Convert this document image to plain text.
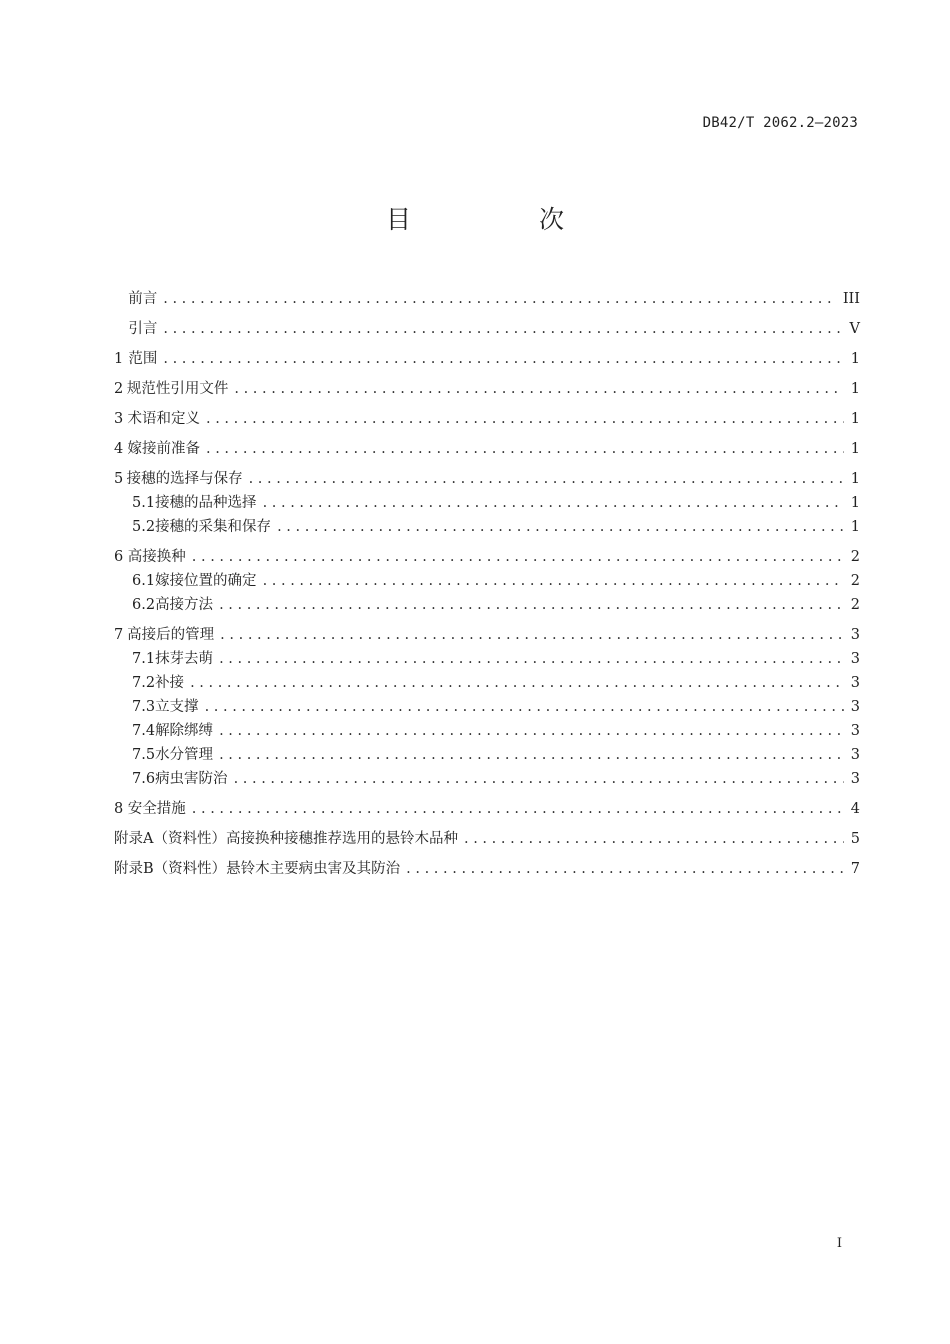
DB42/T 2062.2—2023
目 次
前言 . . .	III
引言 . . .	V
1 范围 . . .	1
2 规范性引用文件 . . .	1
3 术语和定义 . . .	1
4 嫁接前准备 . . .	1
5 接穗的选择与保存 . . .	1
5.1 接穗的品种选择 . . .	1
5.2 接穗的采集和保存 . . .	1
6 高接换种 . . .	2
6.1 嫁接位置的确定 . . .	2
6.2 高接方法 . . .	2
7 高接后的管理 . . .	3
7.1 抹芽去萌 . . .	3
7.2 补接 . . .	3
7.3 立支撑 . . .	3
7.4 解除绑缚 . . .	3
7.5 水分管理 . . .	3
7.6 病虫害防治 . . .	3
8 安全措施 . . .	4
附录A（资料性） 高接换种接穗推荐选用的悬铃木品种 . . .	5
附录B（资料性） 悬铃木主要病虫害及其防治 . . .	7
I
